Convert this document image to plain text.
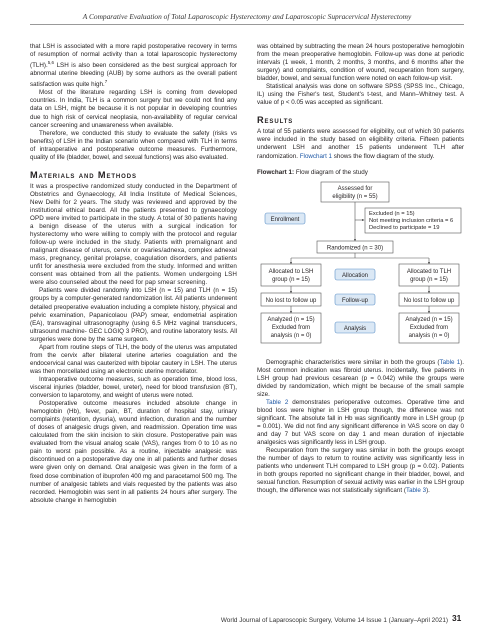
A Comparative Evaluation of Total Laparoscopic Hysterectomy and Laparoscopic Supracervical Hysterectomy

that LSH is associated with a more rapid postoperative recovery in terms of resumption of normal activity than a total laparoscopic hysterectomy (TLH).$^{5,6}$ LSH is also been considered as the best surgical approach for abnormal uterine bleeding (AUB) by some authors as the overall patient satisfaction was quite high.$^7$

Most of the literature regarding LSH is coming from developed countries. In India, TLH is a common surgery but we could not find any data on LSH, might be because it is not popular in developing countries due to high risk of cervical neoplasia, non-availability of regular cervical cancer screening and unawareness when available.

Therefore, we conducted this study to evaluate the safety (risks vs benefits) of LSH in the Indian scenario when compared with TLH in terms of intraoperative and postoperative outcome measures. Furthermore, quality of life (bladder, bowel, and sexual functions) was also evaluated.

Materials and Methods

It was a prospective randomized study conducted in the Department of Obstetrics and Gynaecology, All India Institute of Medical Sciences, New Delhi for 2 years. The study was reviewed and approved by the institutional ethical board. All the patients presented to gynaecology OPD were invited to participate in the study. A total of 30 patients having a benign disease of the uterus with a surgical indication for hysterectomy who were willing to comply with the protocol and regular follow-up were included in the study. Patients with premalignant and malignant disease of uterus, cervix or ovaries/adnexa, complex adnexal mass, pregnancy, genital prolapse, coagulation disorders, and patients unfit for anesthesia were excluded from the study. Informed and written consent was obtained from all the patients. Women undergoing LSH were also counseled about the need for pap smear screening.

Patients were divided randomly into LSH (n = 15) and TLH (n = 15) groups by a computer-generated randomization list. All patients underwent detailed preoperative evaluation including a complete history, physical and pelvic examination, Papanicolaou (PAP) smear, endometrial aspiration (EA), transvaginal ultrasonography (using 6.5 MHz vaginal transducers, ultrasound machine- GEC LOGIQ 3 PRO), and routine laboratory tests. All surgeries were done by the same surgeon.

Apart from routine steps of TLH, the body of the uterus was amputated from the cervix after bilateral uterine arteries coagulation and the endocervical canal was cauterized with bipolar cautery in LSH. The uterus was then morcellated using an electronic uterine morcellator.

Intraoperative outcome measures, such as operation time, blood loss, visceral injuries (bladder, bowel, ureter), need for blood transfusion (BT), conversion to laparotomy, and weight of uterus were noted.

Postoperative outcome measures included absolute change in hemoglobin (Hb), fever, pain, BT, duration of hospital stay, urinary complaints (retention, dysuria), wound infection, duration and the number of doses of analgesic drugs given, and readmission. Operation time was calculated from the skin incision to skin closure. Postoperative pain was evaluated from the visual analog scale (VAS), ranges from 0 to 10 as no pain to worst pain possible. As a routine, injectable analgesic was discontinued on a postoperative day one in all patients and further doses were given only on demand. Oral analgesic was given in the form of a fixed dose combination of ibuprofen 400 mg and paracetamol 500 mg. The number of analgesic tablets and vials requested by the patients was also recorded. Hemoglobin was sent in all patients 24 hours after surgery. The absolute change in hemoglobin

was obtained by subtracting the mean 24 hours postoperative hemoglobin from the mean preoperative hemoglobin. Follow-up was done at periodic intervals (1 week, 1 month, 2 months, 3 months, and 6 months after the surgery) and complaints, condition of wound, recuperation from surgery, bladder, bowel, and sexual function were noted on each follow-up visit.

Statistical analysis was done on software SPSS (SPSS Inc., Chicago, IL) using the Fisher's test, Student's t-test, and Mann–Whitney test. A value of p < 0.05 was accepted as significant.

Results

A total of 55 patients were assessed for eligibility, out of which 30 patients were included in the study based on eligibility criteria. Fifteen patients underwent LSH and another 15 patients underwent TLH after randomization. Flowchart 1 shows the flow diagram of the study.

Flowchart 1: Flow diagram of the study
Assessed for
eligibility (n = 55)
Enrollment
Excluded (n = 15)
Not meeting inclusion criteria = 6
Declined to participate = 19
Randomized (n = 30)
Allocated to LSH
group (n = 15)
Allocation
Allocated to TLH
group (n = 15)
No lost to follow up	Follow-up	No lost to follow up
Analyzed (n = 15)
Excluded from
analysis (n = 0)
Analysis
Analyzed (n = 15)
Excluded from
analysis (n = 0)

Demographic characteristics were similar in both the groups (Table 1). Most common indication was fibroid uterus. Incidentally, five patients in LSH group had previous cesarean (p = 0.042) while the groups were divided by randomization, which might be because of the small sample size.

Table 2 demonstrates perioperative outcomes. Operative time and blood loss were higher in LSH group though, the difference was not significant. The absolute fall in Hb was significantly more in LSH group (p = 0.001). We did not find any significant difference in VAS score on day 0 and day 7 but VAS score on day 1 and mean duration of injectable analgesics was significantly less in LSH group.

Recuperation from the surgery was similar in both the groups except the number of days to return to routine activity was significantly less in patients who underwent TLH compared to LSH group (p = 0.02). Patients in both groups reported no significant change in their bladder, bowel, and sexual function. Resumption of sexual activity was earlier in the LSH group though, the difference was not statistically significant (Table 3).

World Journal of Laparoscopic Surgery, Volume 14 Issue 1 (January–April 2021) 31
